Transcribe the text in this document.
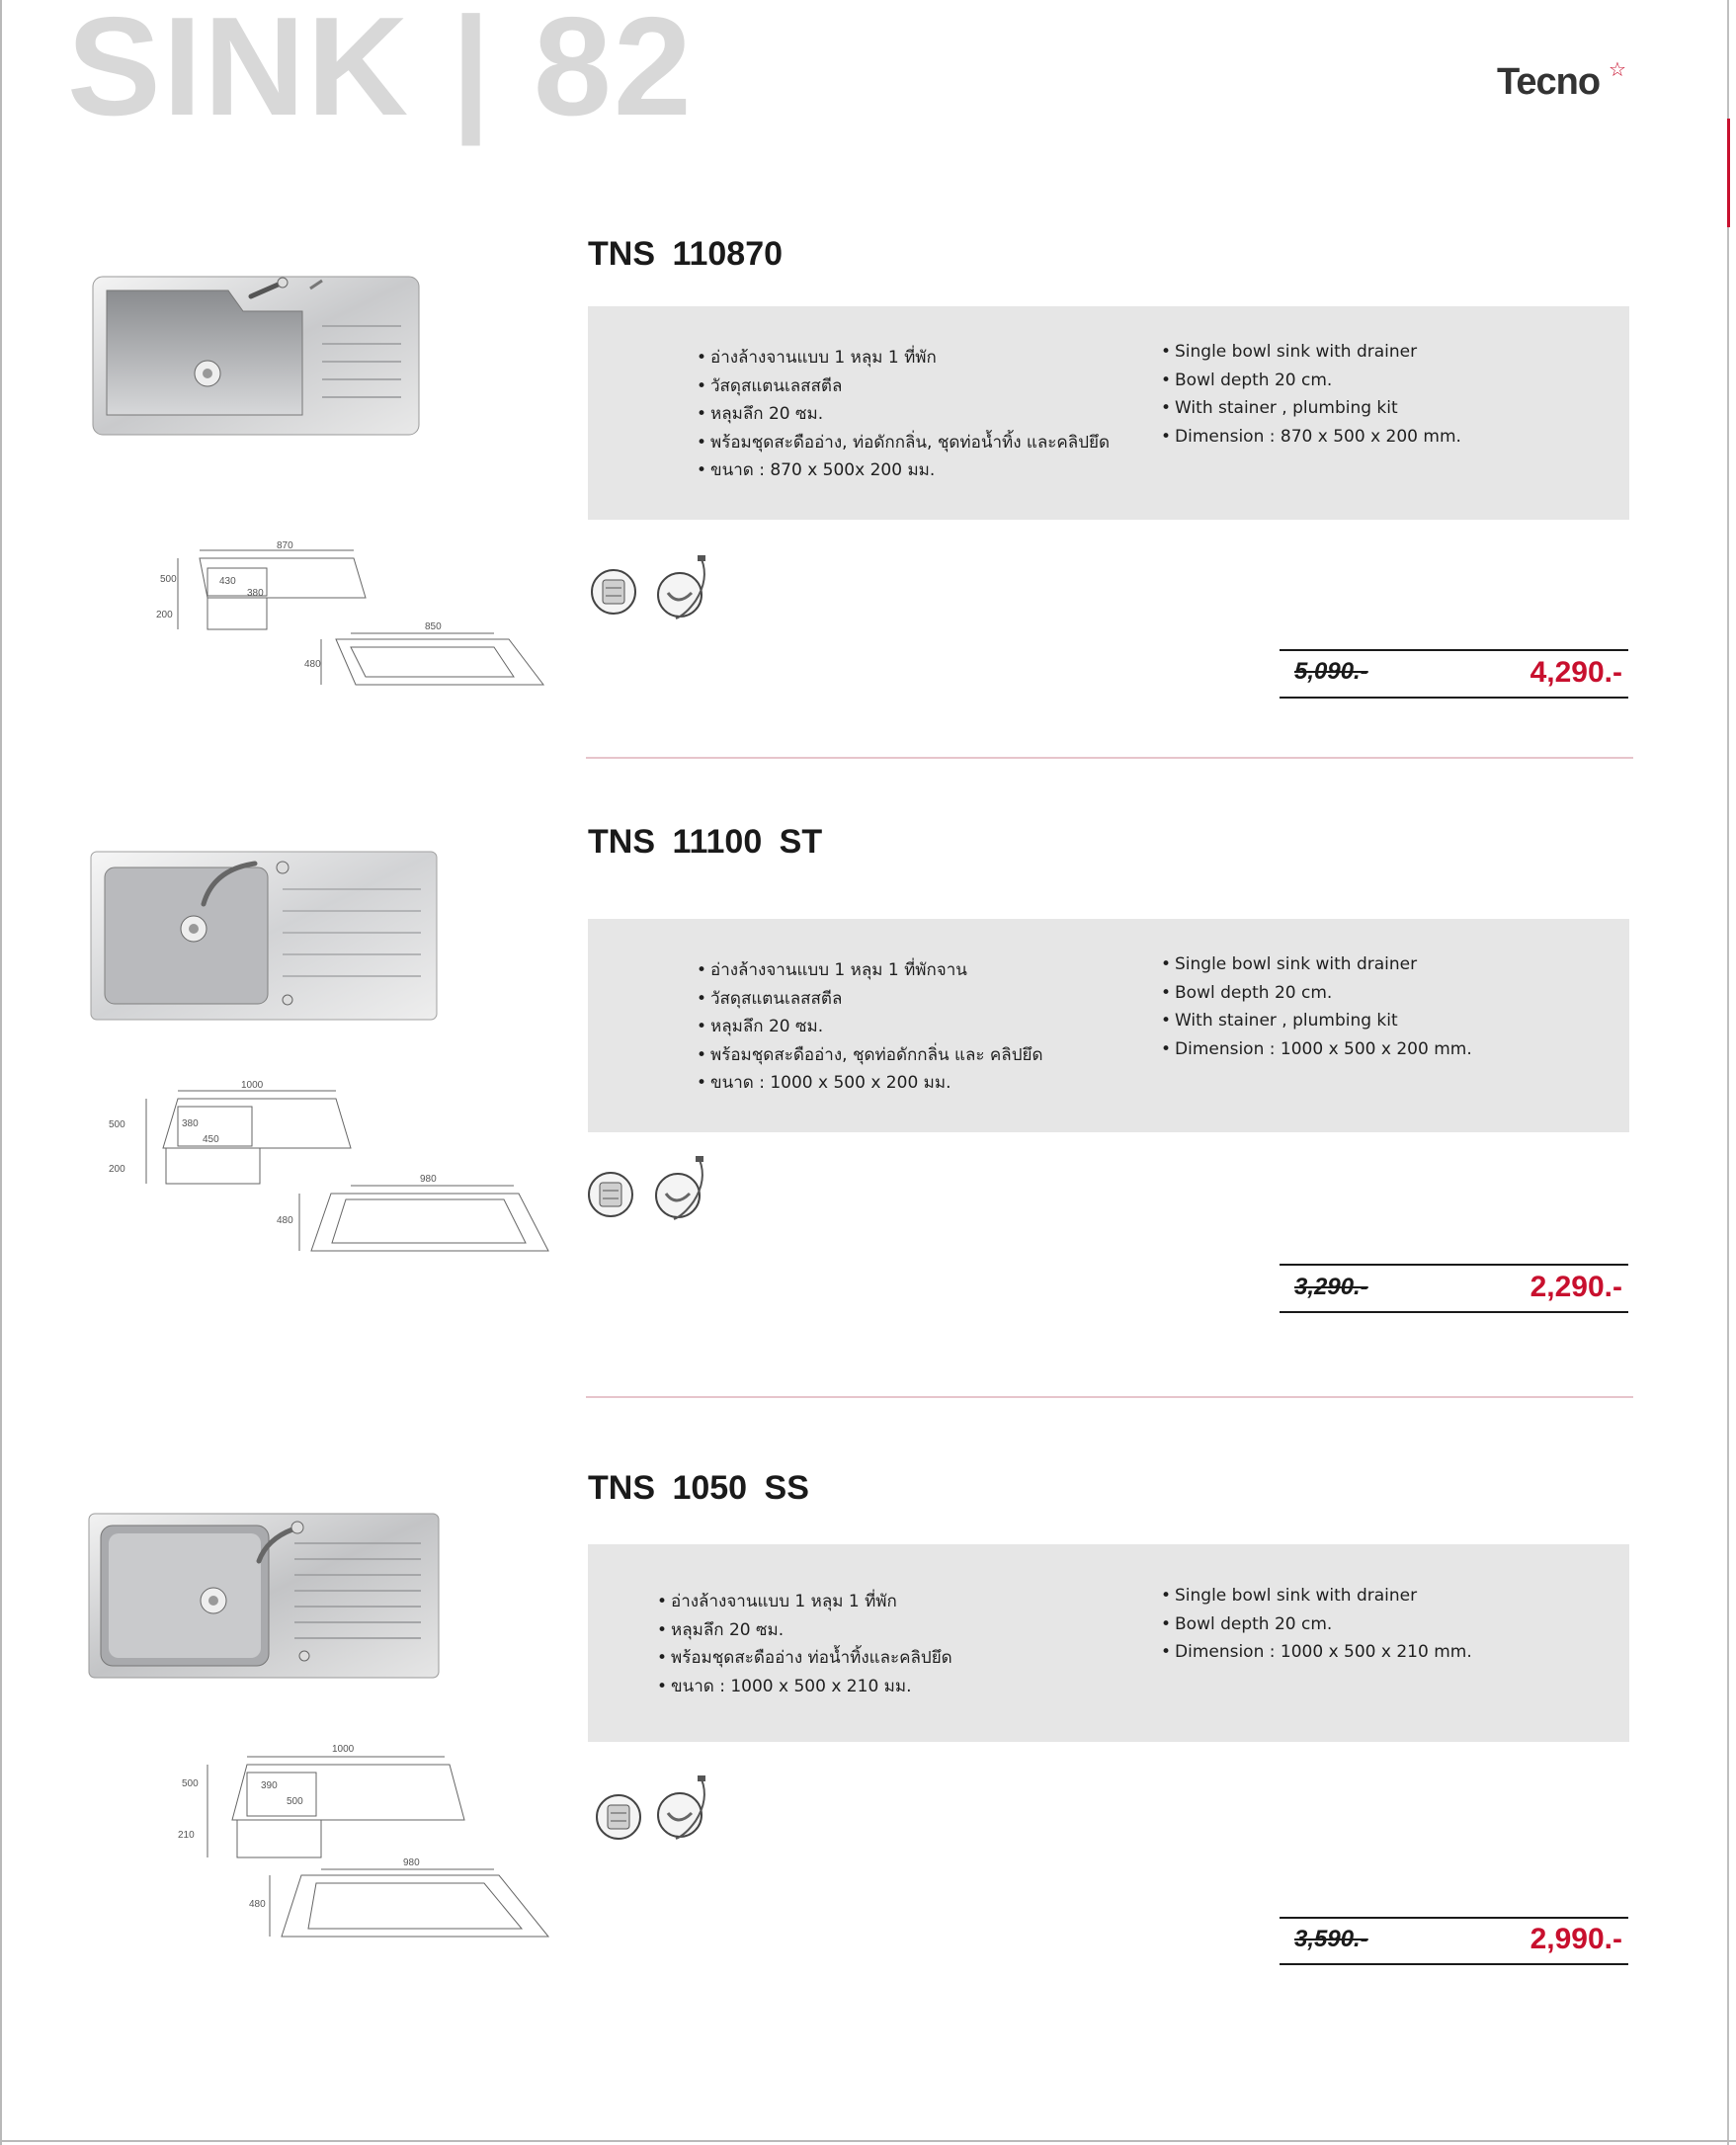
SINK | 82	Tecno ☆
870
500	430
380
200
850
480
TNS 110870
• อ่างล้างจานแบบ 1 หลุม 1 ที่พัก
• วัสดุสแตนเลสสตีล
• หลุมลึก 20 ซม.
• พร้อมชุดสะดืออ่าง, ท่อดักกลิ่น, ชุดท่อน้ำทิ้ง และคลิปยึด
• ขนาด : 870 x 500x 200 มม.
• Single bowl sink with drainer
• Bowl depth 20 cm.
• With stainer , plumbing kit
• Dimension : 870 x 500 x 200 mm.
5,090.-	4,290.-
1000
500	380
450
200
980
480
TNS 11100 ST
• อ่างล้างจานแบบ 1 หลุม 1 ที่พักจาน
• วัสดุสแตนเลสสตีล
• หลุมลึก 20 ซม.
• พร้อมชุดสะดืออ่าง, ชุดท่อดักกลิ่น และ คลิปยึด
• ขนาด : 1000 x 500 x 200 มม.
• Single bowl sink with drainer
• Bowl depth 20 cm.
• With stainer , plumbing kit
• Dimension : 1000 x 500 x 200 mm.
3,290.-	2,290.-
1000
500	390
500
210
980
480
TNS 1050 SS
• อ่างล้างจานแบบ 1 หลุม 1 ที่พัก
• หลุมลึก 20 ซม.
• พร้อมชุดสะดืออ่าง ท่อน้ำทิ้งและคลิปยึด
• ขนาด : 1000 x 500 x 210 มม.
• Single bowl sink with drainer
• Bowl depth 20 cm.
• Dimension : 1000 x 500 x 210 mm.
3,590.-	2,990.-
